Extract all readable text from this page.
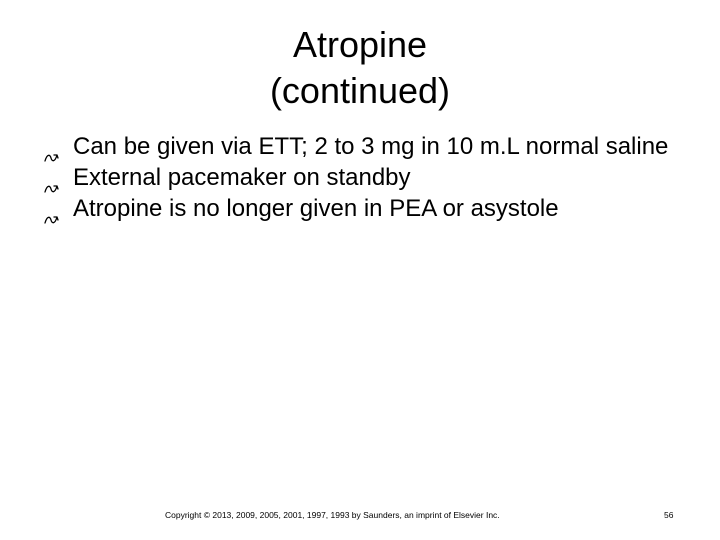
Atropine
(continued)
Can be given via ETT; 2 to 3 mg in 10 m.L normal saline
External pacemaker on standby
Atropine is no longer given in PEA or asystole
Copyright © 2013, 2009, 2005, 2001, 1997, 1993 by Saunders, an imprint of Elsevier Inc.	56
